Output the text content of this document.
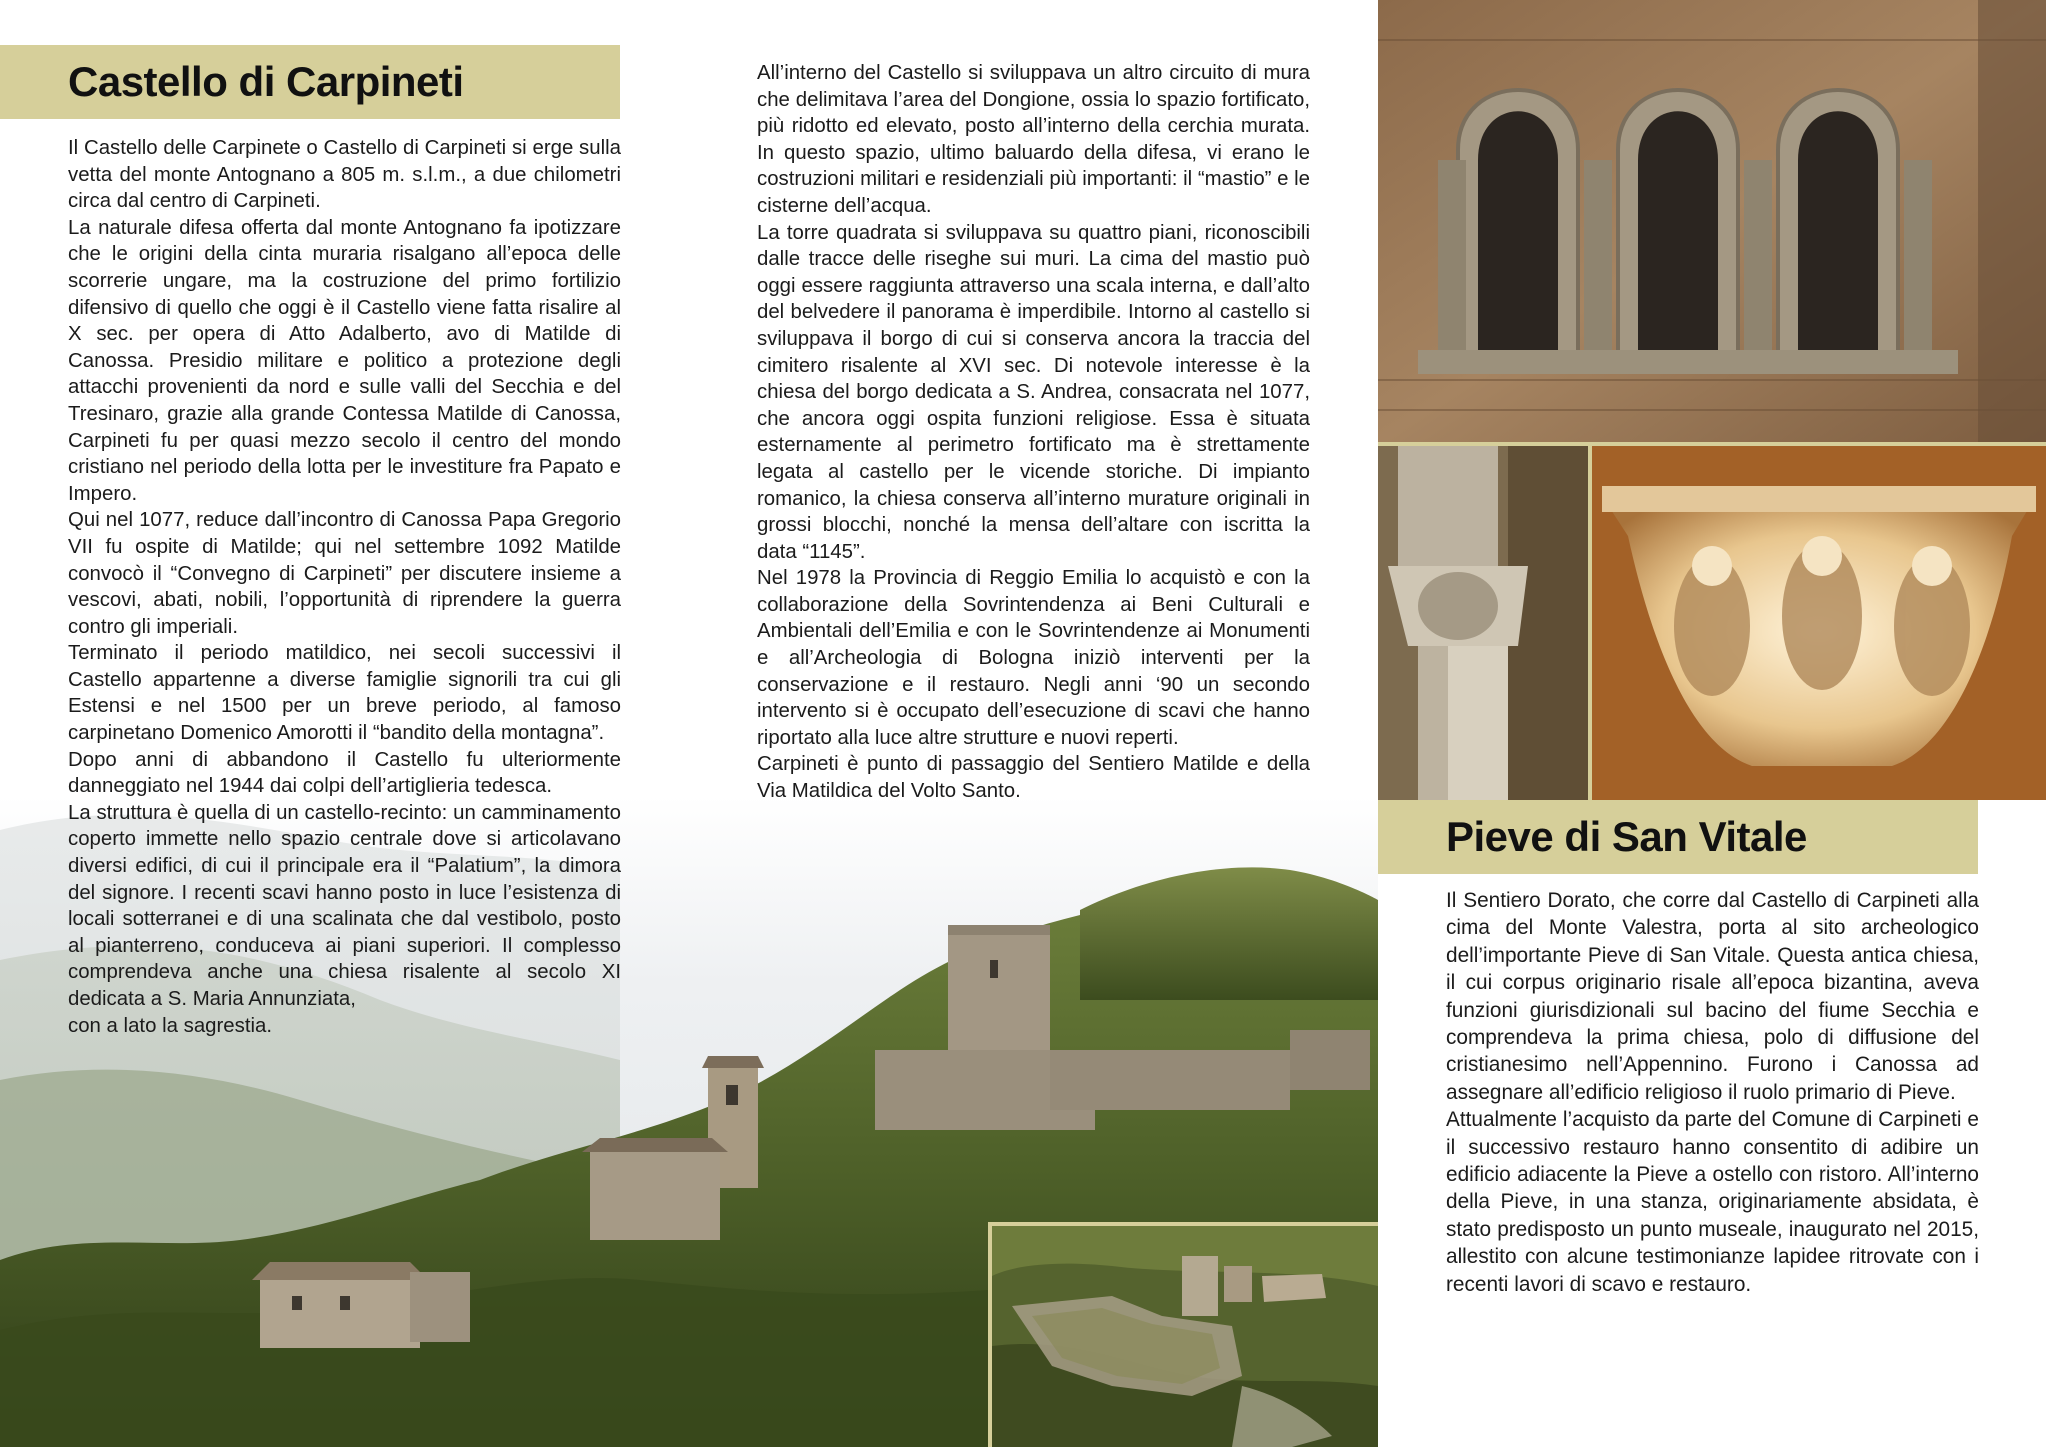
Castello di Carpineti

Il Castello delle Carpinete o Castello di Carpineti si erge sulla vetta del monte Antognano a 805 m. s.l.m., a due chilometri circa dal centro di Carpineti.

La naturale difesa offerta dal monte Antognano fa ipotizzare che le origini della cinta muraria risalgano all’epoca delle scorrerie ungare, ma la costruzione del primo fortilizio difensivo di quello che oggi è il Castello viene fatta risalire al X sec. per opera di Atto Adalberto, avo di Matilde di Canossa. Presidio militare e politico a protezione degli attacchi provenienti da nord e sulle valli del Secchia e del Tresinaro, grazie alla grande Contessa Matilde di Canossa, Carpineti fu per quasi mezzo secolo il centro del mondo cristiano nel periodo della lotta per le investiture fra Papato e Impero.

Qui nel 1077, reduce dall’incontro di Canossa Papa Gregorio VII fu ospite di Matilde; qui nel settembre 1092 Matilde convocò il “Convegno di Carpineti” per discutere insieme a vescovi, abati, nobili, l’opportunità di riprendere la guerra contro gli imperiali.

Terminato il periodo matildico, nei secoli successivi il Castello appartenne a diverse famiglie signorili tra cui gli Estensi e nel 1500 per un breve periodo, al famoso carpinetano Domenico Amorotti il “bandito della montagna”.

Dopo anni di abbandono il Castello fu ulteriormente danneggiato nel 1944 dai colpi dell’artiglieria tedesca.

La struttura è quella di un castello-recinto: un camminamento coperto immette nello spazio centrale dove si articolavano diversi edifici, di cui il principale era il “Palatium”, la dimora del signore. I recenti scavi hanno posto in luce l’esistenza di locali sotterranei e di una scalinata che dal vestibolo, posto al pianterreno, conduceva ai piani superiori. Il complesso comprendeva anche una chiesa risalente al secolo XI dedicata a S. Maria Annunziata,

con a lato la sagrestia.

All’interno del Castello si sviluppava un altro circuito di mura che delimitava l’area del Dongione, ossia lo spazio fortificato, più ridotto ed elevato, posto all’interno della cerchia murata. In questo spazio, ultimo baluardo della difesa, vi erano le costruzioni militari e residenziali più importanti: il “mastio” e le cisterne dell’acqua.

La torre quadrata si sviluppava su quattro piani, riconoscibili dalle tracce delle riseghe sui muri. La cima del mastio può oggi essere raggiunta attraverso una scala interna, e dall’alto del belvedere il panorama è imperdibile. Intorno al castello si sviluppava il borgo di cui si conserva ancora la traccia del cimitero risalente al XVI sec. Di notevole interesse è la chiesa del borgo dedicata a S. Andrea, consacrata nel 1077, che ancora oggi ospita funzioni religiose. Essa è situata esternamente al perimetro fortificato ma è strettamente legata al castello per le vicende storiche. Di impianto romanico, la chiesa conserva all’interno murature originali in grossi blocchi, nonché la mensa dell’altare con iscritta la data “1145”.

Nel 1978 la Provincia di Reggio Emilia lo acquistò e con la collaborazione della Sovrintendenza ai Beni Culturali e Ambientali dell’Emilia e con le Sovrintendenze ai Monumenti e all’Archeologia di Bologna iniziò interventi per la conservazione e il restauro. Negli anni ‘90 un secondo intervento si è occupato dell’esecuzione di scavi che hanno riportato alla luce altre strutture e nuovi reperti.

Carpineti è punto di passaggio del Sentiero Matilde e della Via Matildica del Volto Santo.

Pieve di San Vitale

Il Sentiero Dorato, che corre dal Castello di Carpineti alla cima del Monte Valestra, porta al sito archeologico dell’importante Pieve di San Vitale. Questa antica chiesa, il cui corpus originario risale all’epoca bizantina, aveva funzioni giurisdizionali sul bacino del fiume Secchia e comprendeva la prima chiesa, polo di diffusione del cristianesimo nell’Appennino. Furono i Canossa ad assegnare all’edificio religioso il ruolo primario di Pieve.

Attualmente l’acquisto da parte del Comune di Carpineti e il successivo restauro hanno consentito di adibire un edificio adiacente la Pieve a ostello con ristoro. All’interno della Pieve, in una stanza, originariamente absidata, è stato predisposto un punto museale, inaugurato nel 2015, allestito con alcune testimonianze lapidee ritrovate con i recenti lavori di scavo e restauro.
